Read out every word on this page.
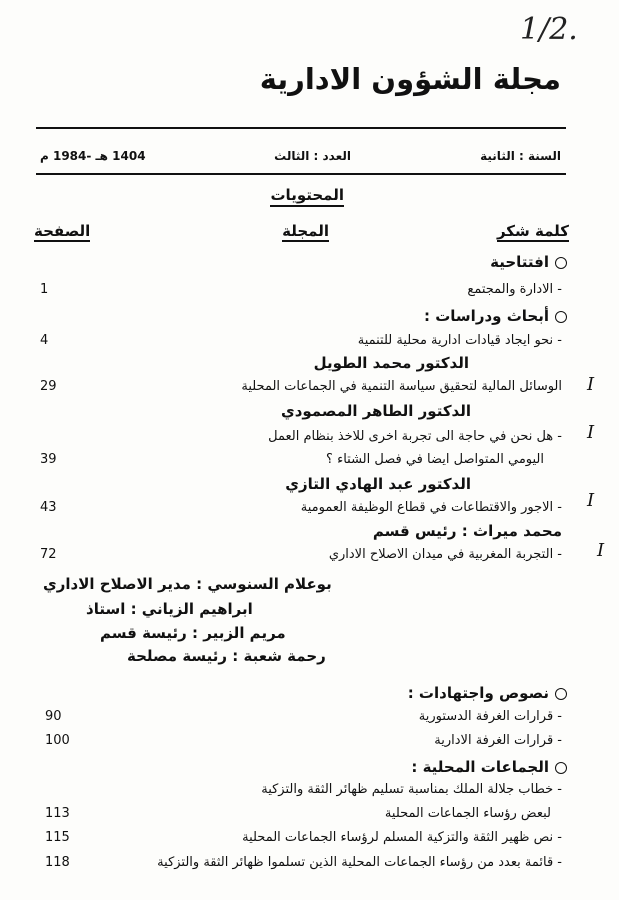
1/2.
مجلة الشؤون الادارية
السنة : الثانية
العدد : الثالث
1404 هـ -1984 م
المحتويات
الصفحة	المجلة	كلمة شكر
افتتاحية
- الادارة والمجتمع
1
أبحاث ودراسات :
- نحو ايجاد قيادات ادارية محلية للتنمية
4
الدكتور محمد الطويل
الوسائل المالية لتحقيق سياسة التنمية في الجماعات المحلية
29	I
الدكتور الطاهر المصمودي
- هل نحن في حاجة الى تجربة اخرى للاخذ بنظام العمل I
اليومي المتواصل ايضا في فصل الشتاء ؟
39
الدكتور عبد الهادي التازي
- الاجور والاقتطاعات في قطاع الوظيفة العمومية
43	I
محمد ميراث : رئيس قسم
- التجربة المغربية في ميدان الاصلاح الاداري
72	I
بوعلام السنوسي : مدير الاصلاح الاداري
ابراهيم الزياني : استاذ
مريم الزبير : رئيسة قسم
رحمة شعبة : رئيسة مصلحة
نصوص واجتهادات :
- قرارات الغرفة الدستورية
90
- قرارات الغرفة الادارية
100
الجماعات المحلية :
- خطاب جلالة الملك بمناسبة تسليم ظهائر الثقة والتزكية
لبعض رؤساء الجماعات المحلية
113
- نص ظهير الثقة والتزكية المسلم لرؤساء الجماعات المحلية
115
- قائمة بعدد من رؤساء الجماعات المحلية الذين تسلموا ظهائر الثقة والتزكية
118
